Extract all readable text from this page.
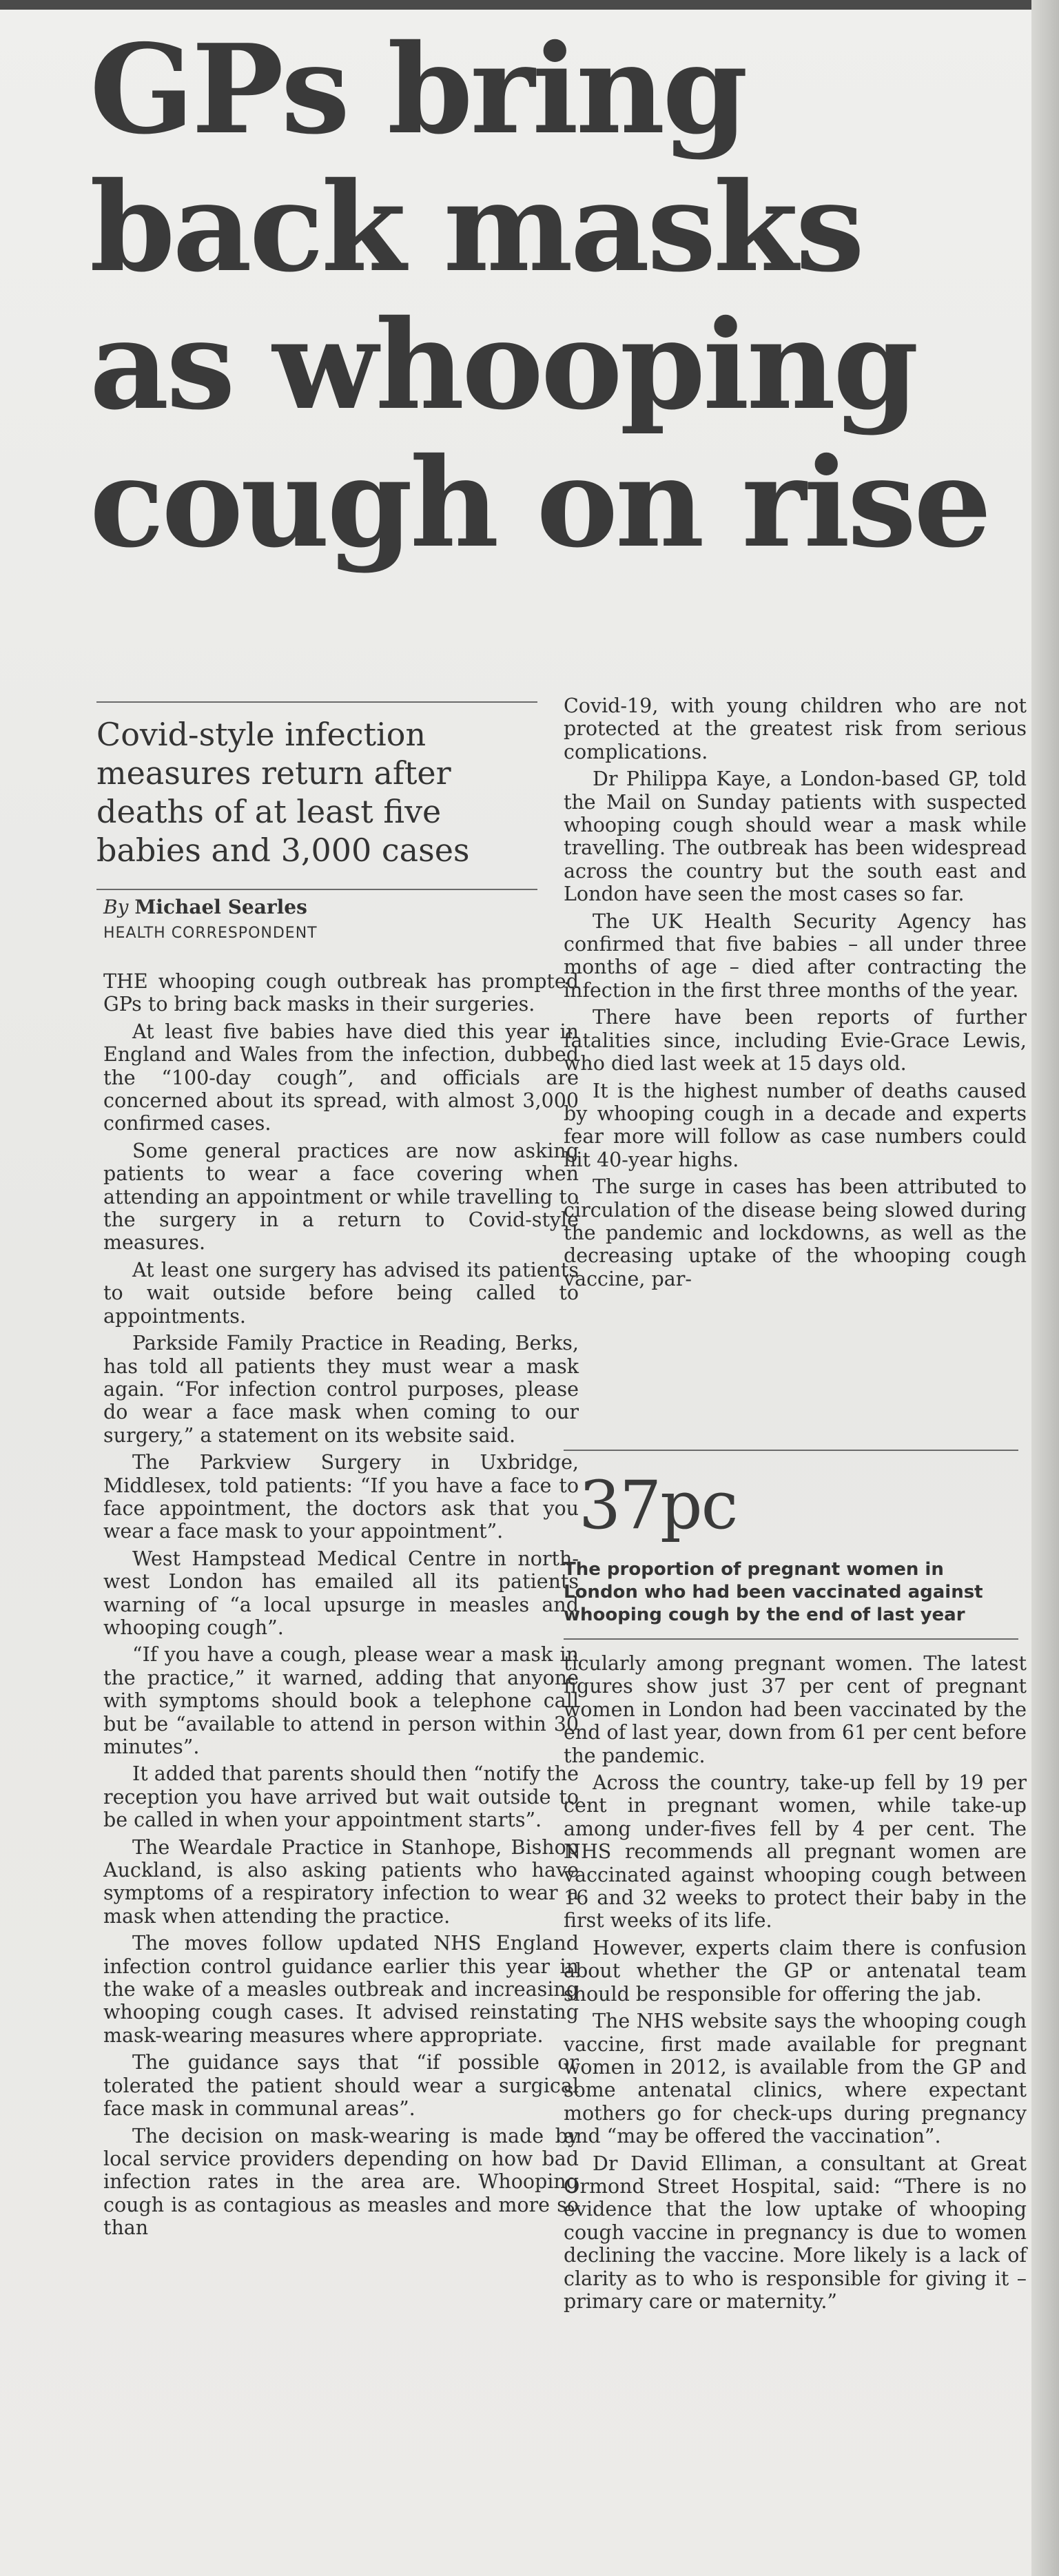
GPs bring
back masks
as whooping
cough on rise

Covid-style infection measures return after deaths of at least five babies and 3,000 cases

By Michael Searles
HEALTH CORRESPONDENT

THE whooping cough outbreak has prompted GPs to bring back masks in their surgeries.

At least five babies have died this year in England and Wales from the infection, dubbed the “100-day cough”, and officials are concerned about its spread, with almost 3,000 confirmed cases.

Some general practices are now asking patients to wear a face covering when attending an appointment or while travelling to the surgery in a return to Covid-style measures.

At least one surgery has advised its patients to wait outside before being called to appointments.

Parkside Family Practice in Reading, Berks, has told all patients they must wear a mask again. “For infection control purposes, please do wear a face mask when coming to our surgery,” a statement on its website said.

The Parkview Surgery in Uxbridge, Middlesex, told patients: “If you have a face to face appointment, the doctors ask that you wear a face mask to your appointment”.

West Hampstead Medical Centre in north-west London has emailed all its patients warning of “a local upsurge in measles and whooping cough”.

“If you have a cough, please wear a mask in the practice,” it warned, adding that anyone with symptoms should book a telephone call but be “available to attend in person within 30 minutes”.

It added that parents should then “notify the reception you have arrived but wait outside to be called in when your appointment starts”.

The Weardale Practice in Stanhope, Bishop Auckland, is also asking patients who have symptoms of a respiratory infection to wear a mask when attending the practice.

The moves follow updated NHS England infection control guidance earlier this year in the wake of a measles outbreak and increasing whooping cough cases. It advised reinstating mask-wearing measures where appropriate.

The guidance says that “if possible or tolerated the patient should wear a surgical face mask in communal areas”.

The decision on mask-wearing is made by local service providers depending on how bad infection rates in the area are. Whooping cough is as contagious as measles and more so than

Covid-19, with young children who are not protected at the greatest risk from serious complications.

Dr Philippa Kaye, a London-based GP, told the Mail on Sunday patients with suspected whooping cough should wear a mask while travelling. The outbreak has been widespread across the country but the south east and London have seen the most cases so far.

The UK Health Security Agency has confirmed that five babies – all under three months of age – died after contracting the infection in the first three months of the year.

There have been reports of further fatalities since, including Evie-Grace Lewis, who died last week at 15 days old.

It is the highest number of deaths caused by whooping cough in a decade and experts fear more will follow as case numbers could hit 40-year highs.

The surge in cases has been attributed to circulation of the disease being slowed during the pandemic and lockdowns, as well as the decreasing uptake of the whooping cough vaccine, par-

37pc
The proportion of pregnant women in London who had been vaccinated against whooping cough by the end of last year

ticularly among pregnant women. The latest figures show just 37 per cent of pregnant women in London had been vaccinated by the end of last year, down from 61 per cent before the pandemic.

Across the country, take-up fell by 19 per cent in pregnant women, while take-up among under-fives fell by 4 per cent. The NHS recommends all pregnant women are vaccinated against whooping cough between 16 and 32 weeks to protect their baby in the first weeks of its life.

However, experts claim there is confusion about whether the GP or antenatal team should be responsible for offering the jab.

The NHS website says the whooping cough vaccine, first made available for pregnant women in 2012, is available from the GP and some antenatal clinics, where expectant mothers go for check-ups during pregnancy and “may be offered the vaccination”.

Dr David Elliman, a consultant at Great Ormond Street Hospital, said: “There is no evidence that the low uptake of whooping cough vaccine in pregnancy is due to women declining the vaccine. More likely is a lack of clarity as to who is responsible for giving it – primary care or maternity.”
